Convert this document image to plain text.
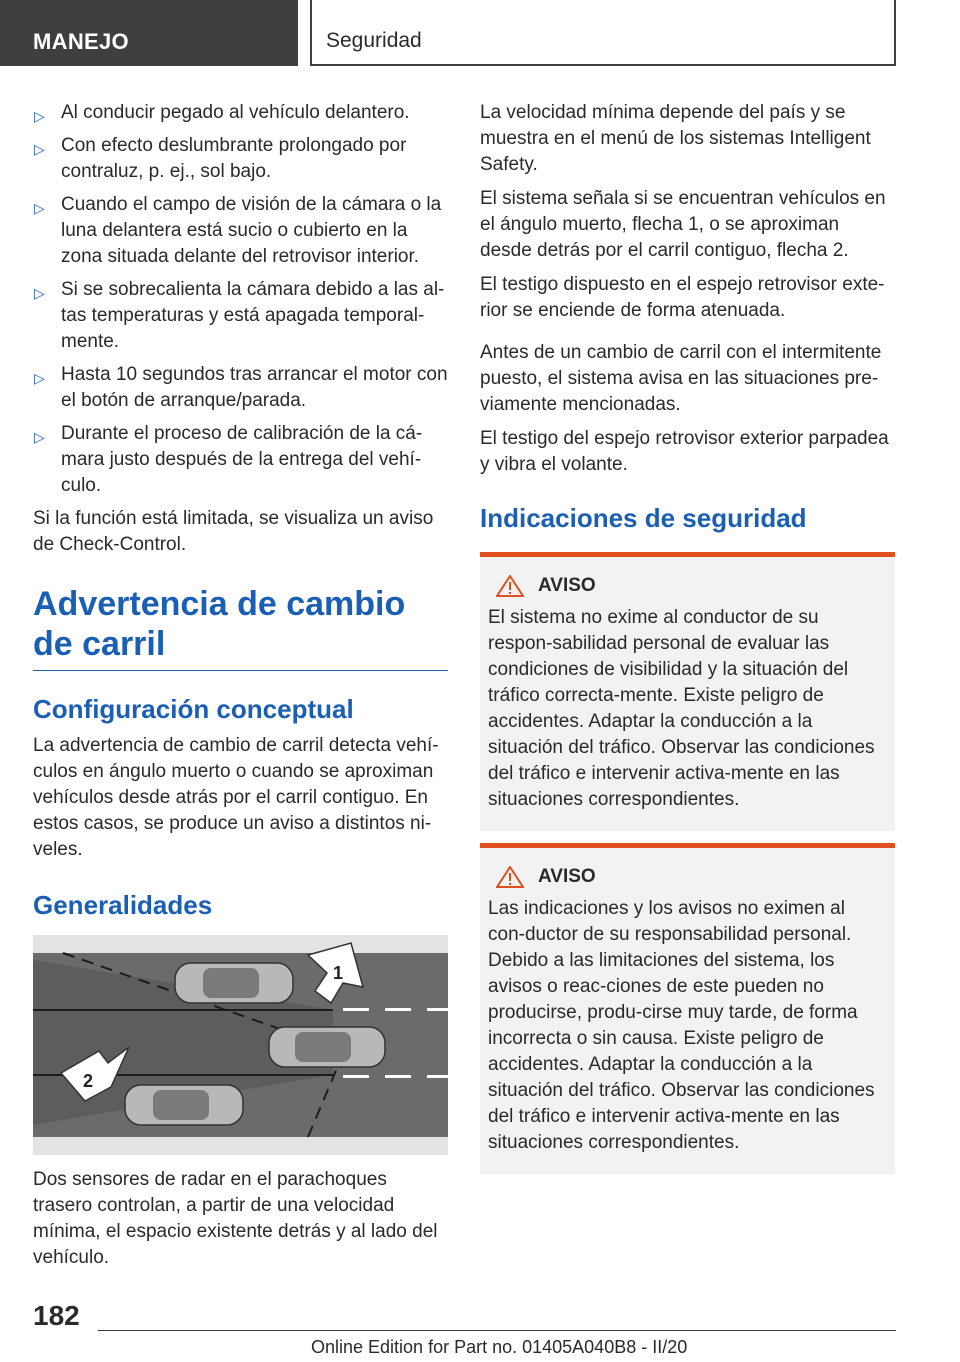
MANEJO	Seguridad
▷ Al conducir pegado al vehículo delantero.
▷ Con efecto deslumbrante prolongado por contraluz, p. ej., sol bajo.
▷ Cuando el campo de visión de la cámara o la luna delantera está sucio o cubierto en la zona situada delante del retrovisor interior.
▷ Si se sobrecalienta la cámara debido a las al‐tas temperaturas y está apagada temporal‐mente.
▷ Hasta 10 segundos tras arrancar el motor con el botón de arranque/parada.
▷ Durante el proceso de calibración de la cá‐mara justo después de la entrega del vehí‐culo.

Si la función está limitada, se visualiza un aviso de Check-Control.

Advertencia de cambio de carril
Configuración conceptual

La advertencia de cambio de carril detecta vehí‐culos en ángulo muerto o cuando se aproximan vehículos desde atrás por el carril contiguo. En estos casos, se produce un aviso a distintos ni‐veles.

Generalidades
1
2

Dos sensores de radar en el parachoques trasero controlan, a partir de una velocidad mínima, el espacio existente detrás y al lado del vehículo.

La velocidad mínima depende del país y se muestra en el menú de los sistemas Intelligent Safety.

El sistema señala si se encuentran vehículos en el ángulo muerto, flecha 1, o se aproximan desde detrás por el carril contiguo, flecha 2.

El testigo dispuesto en el espejo retrovisor exte‐rior se enciende de forma atenuada.

Antes de un cambio de carril con el intermitente puesto, el sistema avisa en las situaciones pre‐viamente mencionadas.

El testigo del espejo retrovisor exterior parpadea y vibra el volante.

Indicaciones de seguridad
AVISO

El sistema no exime al conductor de su respon‐sabilidad personal de evaluar las condiciones de visibilidad y la situación del tráfico correcta‐mente. Existe peligro de accidentes. Adaptar la conducción a la situación del tráfico. Observar las condiciones del tráfico e intervenir activa‐mente en las situaciones correspondientes.

AVISO

Las indicaciones y los avisos no eximen al con‐ductor de su responsabilidad personal. Debido a las limitaciones del sistema, los avisos o reac‐ciones de este pueden no producirse, produ‐cirse muy tarde, de forma incorrecta o sin causa. Existe peligro de accidentes. Adaptar la conducción a la situación del tráfico. Observar las condiciones del tráfico e intervenir activa‐mente en las situaciones correspondientes.

182
Online Edition for Part no. 01405A040B8 - II/20
